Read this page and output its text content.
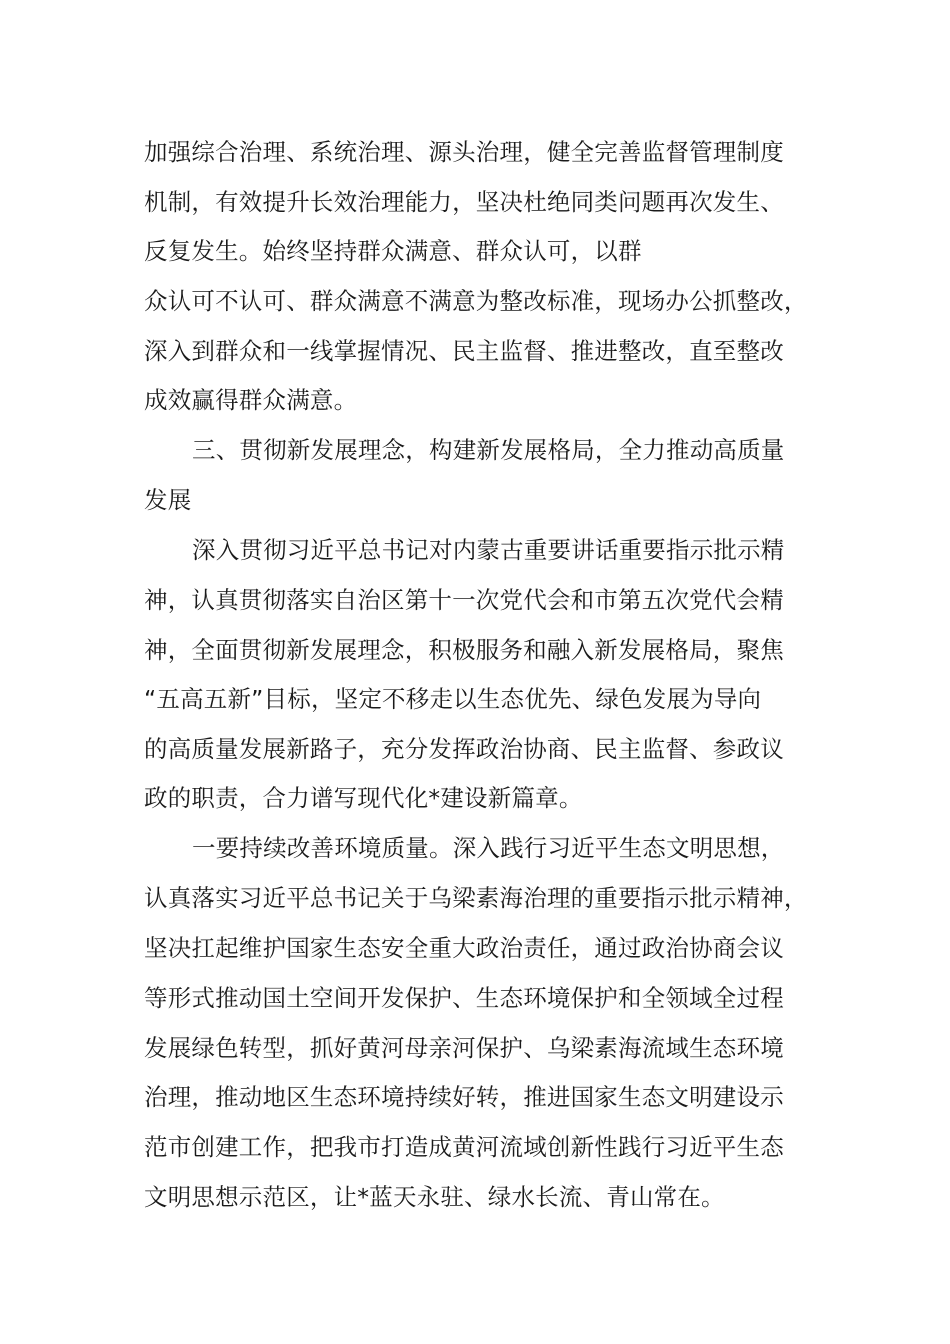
加强综合治理、系统治理、源头治理，健全完善监督管理制度
机制，有效提升长效治理能力，坚决杜绝同类问题再次发生、
反复发生。始终坚持群众满意、群众认可，以群
众认可不认可、群众满意不满意为整改标准，现场办公抓整改，
深入到群众和一线掌握情况、民主监督、推进整改，直至整改
成效赢得群众满意。
三、贯彻新发展理念，构建新发展格局，全力推动高质量
发展
深入贯彻习近平总书记对内蒙古重要讲话重要指示批示精
神，认真贯彻落实自治区第十一次党代会和市第五次党代会精
神，全面贯彻新发展理念，积极服务和融入新发展格局，聚焦
“五高五新”目标，坚定不移走以生态优先、绿色发展为导向
的高质量发展新路子，充分发挥政治协商、民主监督、参政议
政的职责，合力谱写现代化*建设新篇章。
一要持续改善环境质量。深入践行习近平生态文明思想，
认真落实习近平总书记关于乌梁素海治理的重要指示批示精神，
坚决扛起维护国家生态安全重大政治责任，通过政治协商会议
等形式推动国土空间开发保护、生态环境保护和全领域全过程
发展绿色转型，抓好黄河母亲河保护、乌梁素海流域生态环境
治理，推动地区生态环境持续好转，推进国家生态文明建设示
范市创建工作，把我市打造成黄河流域创新性践行习近平生态
文明思想示范区，让*蓝天永驻、绿水长流、青山常在。
